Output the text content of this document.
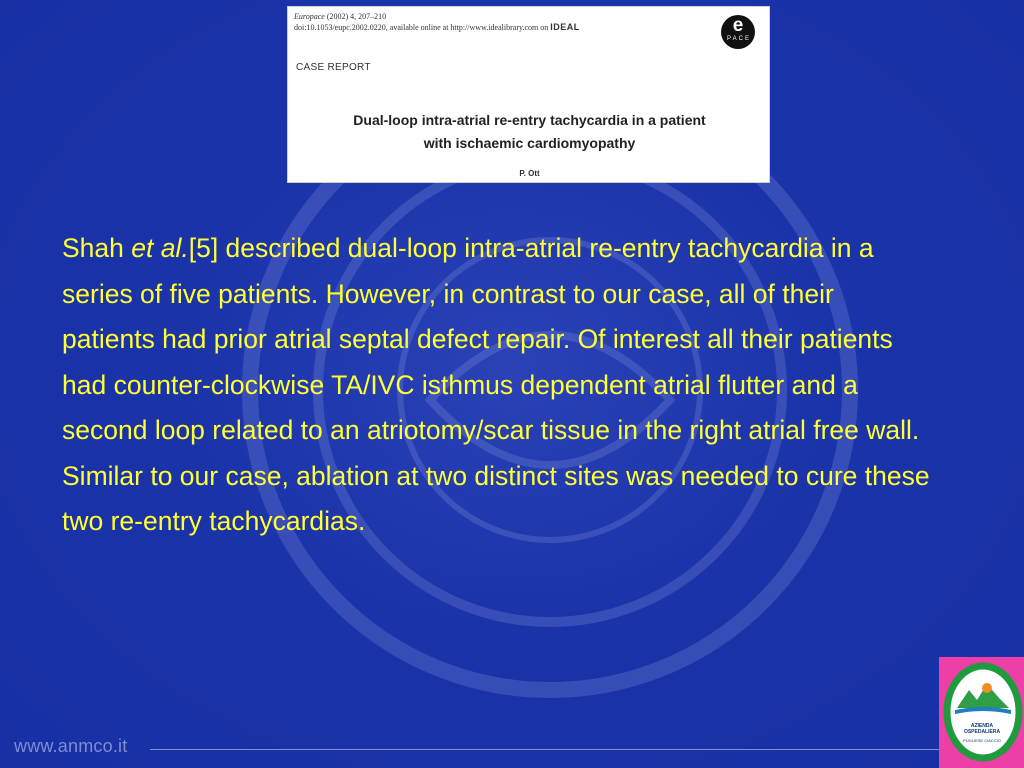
Europace (2002) 4, 207–210
doi:10.1053/eupc.2002.0220, available online at http://www.idealibrary.com on IDEAL	e
PACE
CASE REPORT
Dual-loop intra-atrial re-entry tachycardia in a patient
with ischaemic cardiomyopathy
P. Ott

Shah et al.[5] described dual-loop intra-atrial re-entry tachycardia in a series of five patients. However, in contrast to our case, all of their patients had prior atrial septal defect repair. Of interest all their patients had counter-clockwise TA/IVC isthmus dependent atrial flutter and a second loop related to an atriotomy/scar tissue in the right atrial free wall. Similar to our case, ablation at two distinct sites was needed to cure these two re-entry tachycardias.

www.anmco.it
AZIENDA OSPEDALIERA
PUGLIESE CIACCIO
